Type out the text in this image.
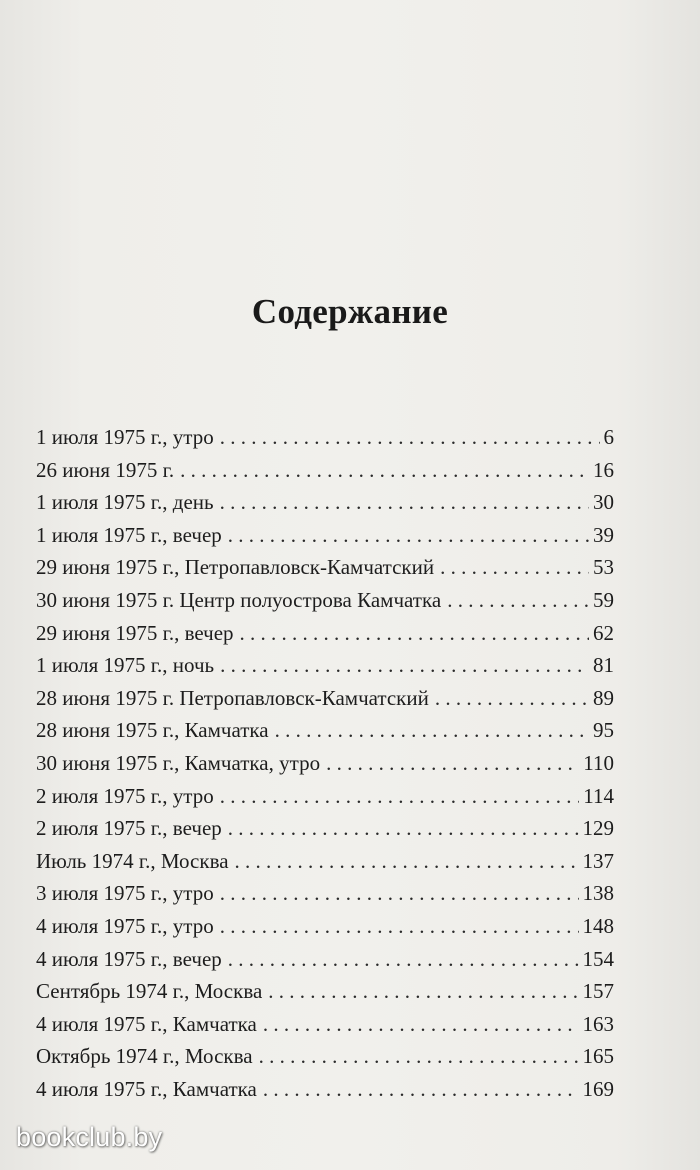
Содержание
1 июля 1975 г., утро . . .	6
26 июня 1975 г. . . .	16
1 июля 1975 г., день . . .	30
1 июля 1975 г., вечер . . .	39
29 июня 1975 г., Петропавловск-Камчатский . . .	53
30 июня 1975 г. Центр полуострова Камчатка . . .	59
29 июня 1975 г., вечер . . .	62
1 июля 1975 г., ночь . . .	81
28 июня 1975 г. Петропавловск-Камчатский . . .	89
28 июня 1975 г., Камчатка . . .	95
30 июня 1975 г., Камчатка, утро . . .	110
2 июля 1975 г., утро . . .	114
2 июля 1975 г., вечер . . .	129
Июль 1974 г., Москва . . .	137
3 июля 1975 г., утро . . .	138
4 июля 1975 г., утро . . .	148
4 июля 1975 г., вечер . . .	154
Сентябрь 1974 г., Москва . . .	157
4 июля 1975 г., Камчатка . . .	163
Октябрь 1974 г., Москва . . .	165
4 июля 1975 г., Камчатка . . .	169
bookclub.by
